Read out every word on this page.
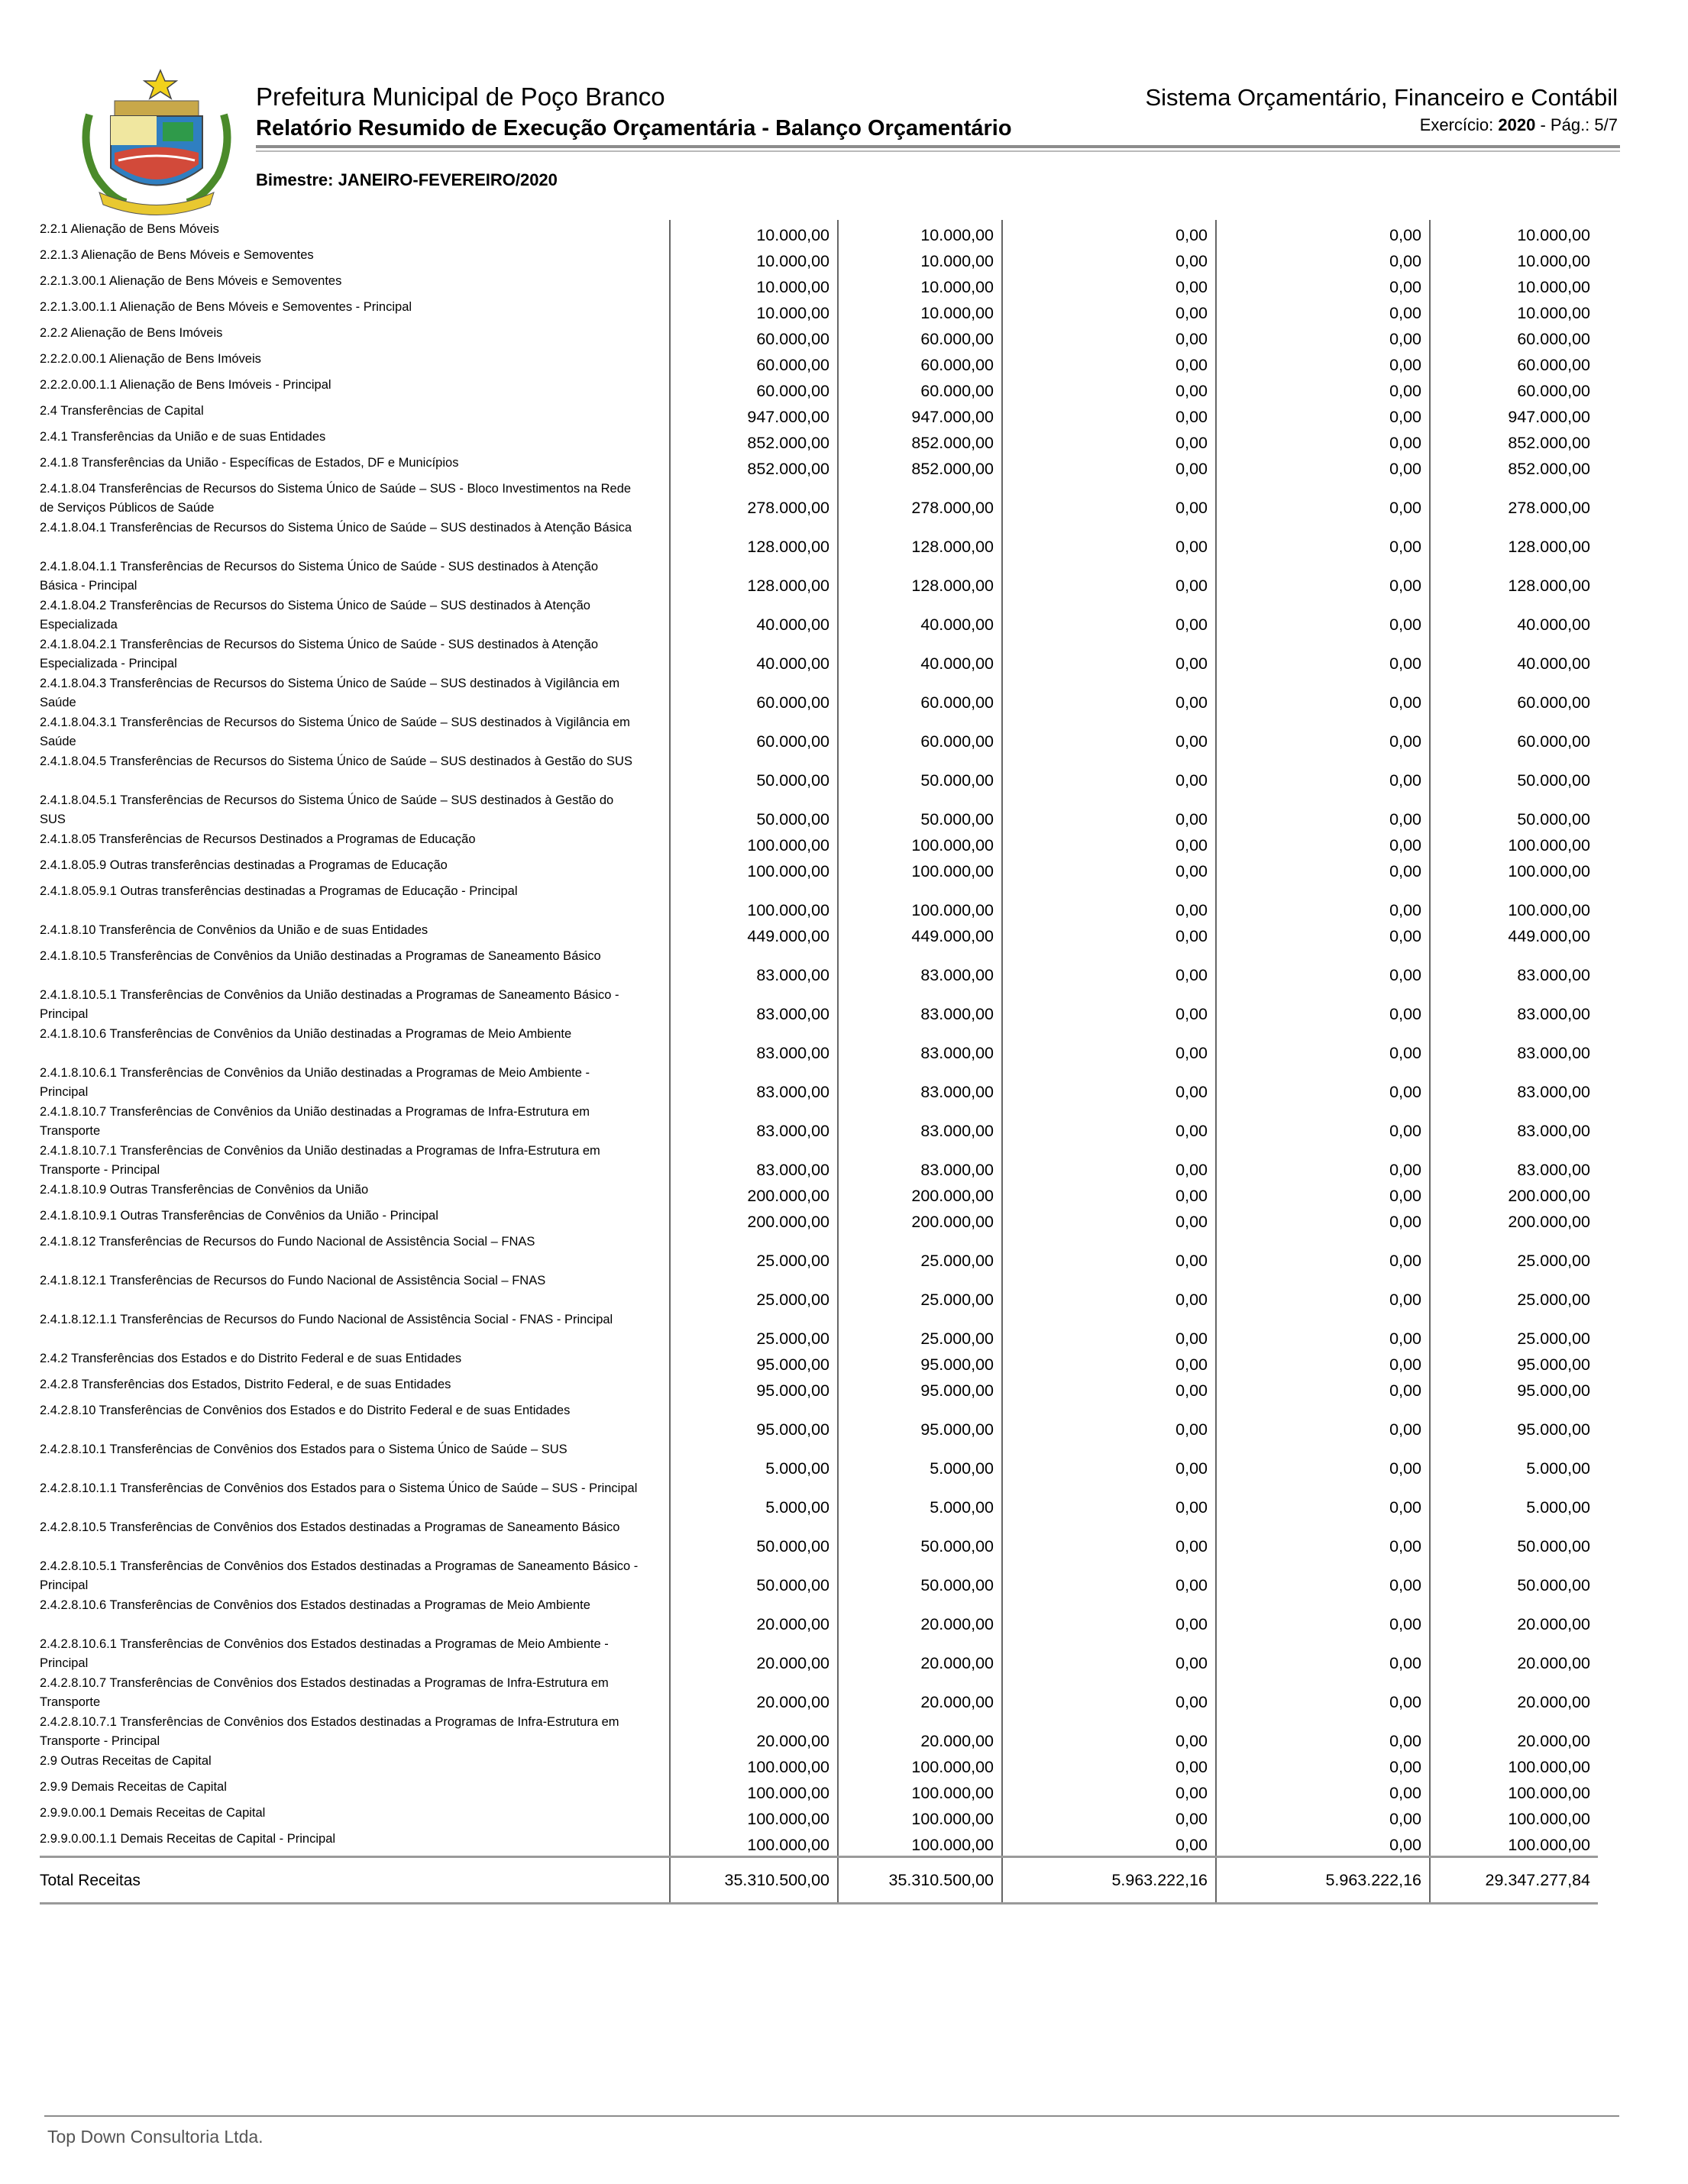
Prefeitura Municipal de Poço Branco
Relatório Resumido de Execução Orçamentária - Balanço Orçamentário
Bimestre: JANEIRO-FEVEREIRO/2020
Sistema Orçamentário, Financeiro e Contábil
Exercício: 2020 - Pág.: 5/7
2.2.1 Alienação de Bens Móveis	10.000,00	10.000,00	0,00	0,00	10.000,00
2.2.1.3 Alienação de Bens Móveis e Semoventes	10.000,00	10.000,00	0,00	0,00	10.000,00
2.2.1.3.00.1 Alienação de Bens Móveis e Semoventes	10.000,00	10.000,00	0,00	0,00	10.000,00
2.2.1.3.00.1.1 Alienação de Bens Móveis e Semoventes - Principal	10.000,00	10.000,00	0,00	0,00	10.000,00
2.2.2 Alienação de Bens Imóveis	60.000,00	60.000,00	0,00	0,00	60.000,00
2.2.2.0.00.1 Alienação de Bens Imóveis	60.000,00	60.000,00	0,00	0,00	60.000,00
2.2.2.0.00.1.1 Alienação de Bens Imóveis - Principal	60.000,00	60.000,00	0,00	0,00	60.000,00
2.4 Transferências de Capital	947.000,00	947.000,00	0,00	0,00	947.000,00
2.4.1 Transferências da União e de suas Entidades	852.000,00	852.000,00	0,00	0,00	852.000,00
2.4.1.8 Transferências da União - Específicas de Estados, DF e Municípios	852.000,00	852.000,00	0,00	0,00	852.000,00
2.4.1.8.04 Transferências de Recursos do Sistema Único de Saúde – SUS - Bloco Investimentos na Rede de Serviços Públicos de Saúde	278.000,00	278.000,00	0,00	0,00	278.000,00
2.4.1.8.04.1 Transferências de Recursos do Sistema Único de Saúde – SUS destinados à Atenção Básica	128.000,00	128.000,00	0,00	0,00	128.000,00
2.4.1.8.04.1.1 Transferências de Recursos do Sistema Único de Saúde - SUS destinados à Atenção Básica - Principal	128.000,00	128.000,00	0,00	0,00	128.000,00
2.4.1.8.04.2 Transferências de Recursos do Sistema Único de Saúde – SUS destinados à Atenção Especializada	40.000,00	40.000,00	0,00	0,00	40.000,00
2.4.1.8.04.2.1 Transferências de Recursos do Sistema Único de Saúde - SUS destinados à Atenção Especializada - Principal	40.000,00	40.000,00	0,00	0,00	40.000,00
2.4.1.8.04.3 Transferências de Recursos do Sistema Único de Saúde – SUS destinados à Vigilância em Saúde	60.000,00	60.000,00	0,00	0,00	60.000,00
2.4.1.8.04.3.1 Transferências de Recursos do Sistema Único de Saúde – SUS destinados à Vigilância em Saúde	60.000,00	60.000,00	0,00	0,00	60.000,00
2.4.1.8.04.5 Transferências de Recursos do Sistema Único de Saúde – SUS destinados à Gestão do SUS	50.000,00	50.000,00	0,00	0,00	50.000,00
2.4.1.8.04.5.1 Transferências de Recursos do Sistema Único de Saúde – SUS destinados à Gestão do SUS	50.000,00	50.000,00	0,00	0,00	50.000,00
2.4.1.8.05 Transferências de Recursos Destinados a Programas de Educação	100.000,00	100.000,00	0,00	0,00	100.000,00
2.4.1.8.05.9 Outras transferências destinadas a Programas de Educação	100.000,00	100.000,00	0,00	0,00	100.000,00
2.4.1.8.05.9.1 Outras transferências destinadas a Programas de Educação - Principal	100.000,00	100.000,00	0,00	0,00	100.000,00
2.4.1.8.10 Transferência de Convênios da União e de suas Entidades	449.000,00	449.000,00	0,00	0,00	449.000,00
2.4.1.8.10.5 Transferências de Convênios da União destinadas a Programas de Saneamento Básico	83.000,00	83.000,00	0,00	0,00	83.000,00
2.4.1.8.10.5.1 Transferências de Convênios da União destinadas a Programas de Saneamento Básico - Principal	83.000,00	83.000,00	0,00	0,00	83.000,00
2.4.1.8.10.6 Transferências de Convênios da União destinadas a Programas de Meio Ambiente	83.000,00	83.000,00	0,00	0,00	83.000,00
2.4.1.8.10.6.1 Transferências de Convênios da União destinadas a Programas de Meio Ambiente - Principal	83.000,00	83.000,00	0,00	0,00	83.000,00
2.4.1.8.10.7 Transferências de Convênios da União destinadas a Programas de Infra-Estrutura em Transporte	83.000,00	83.000,00	0,00	0,00	83.000,00
2.4.1.8.10.7.1 Transferências de Convênios da União destinadas a Programas de Infra-Estrutura em Transporte - Principal	83.000,00	83.000,00	0,00	0,00	83.000,00
2.4.1.8.10.9 Outras Transferências de Convênios da União	200.000,00	200.000,00	0,00	0,00	200.000,00
2.4.1.8.10.9.1 Outras Transferências de Convênios da União - Principal	200.000,00	200.000,00	0,00	0,00	200.000,00
2.4.1.8.12 Transferências de Recursos do Fundo Nacional de Assistência Social – FNAS	25.000,00	25.000,00	0,00	0,00	25.000,00
2.4.1.8.12.1 Transferências de Recursos do Fundo Nacional de Assistência Social – FNAS	25.000,00	25.000,00	0,00	0,00	25.000,00
2.4.1.8.12.1.1 Transferências de Recursos do Fundo Nacional de Assistência Social - FNAS - Principal	25.000,00	25.000,00	0,00	0,00	25.000,00
2.4.2 Transferências dos Estados e do Distrito Federal e de suas Entidades	95.000,00	95.000,00	0,00	0,00	95.000,00
2.4.2.8 Transferências dos Estados, Distrito Federal, e de suas Entidades	95.000,00	95.000,00	0,00	0,00	95.000,00
2.4.2.8.10 Transferências de Convênios dos Estados e do Distrito Federal e de suas Entidades	95.000,00	95.000,00	0,00	0,00	95.000,00
2.4.2.8.10.1 Transferências de Convênios dos Estados para o Sistema Único de Saúde – SUS	5.000,00	5.000,00	0,00	0,00	5.000,00
2.4.2.8.10.1.1 Transferências de Convênios dos Estados para o Sistema Único de Saúde – SUS - Principal	5.000,00	5.000,00	0,00	0,00	5.000,00
2.4.2.8.10.5 Transferências de Convênios dos Estados destinadas a Programas de Saneamento Básico	50.000,00	50.000,00	0,00	0,00	50.000,00
2.4.2.8.10.5.1 Transferências de Convênios dos Estados destinadas a Programas de Saneamento Básico - Principal	50.000,00	50.000,00	0,00	0,00	50.000,00
2.4.2.8.10.6 Transferências de Convênios dos Estados destinadas a Programas de Meio Ambiente	20.000,00	20.000,00	0,00	0,00	20.000,00
2.4.2.8.10.6.1 Transferências de Convênios dos Estados destinadas a Programas de Meio Ambiente - Principal	20.000,00	20.000,00	0,00	0,00	20.000,00
2.4.2.8.10.7 Transferências de Convênios dos Estados destinadas a Programas de Infra-Estrutura em Transporte	20.000,00	20.000,00	0,00	0,00	20.000,00
2.4.2.8.10.7.1 Transferências de Convênios dos Estados destinadas a Programas de Infra-Estrutura em Transporte - Principal	20.000,00	20.000,00	0,00	0,00	20.000,00
2.9 Outras Receitas de Capital	100.000,00	100.000,00	0,00	0,00	100.000,00
2.9.9 Demais Receitas de Capital	100.000,00	100.000,00	0,00	0,00	100.000,00
2.9.9.0.00.1 Demais Receitas de Capital	100.000,00	100.000,00	0,00	0,00	100.000,00
2.9.9.0.00.1.1 Demais Receitas de Capital - Principal	100.000,00	100.000,00	0,00	0,00	100.000,00
Total Receitas	35.310.500,00	35.310.500,00	5.963.222,16	5.963.222,16	29.347.277,84
Top Down Consultoria Ltda.
